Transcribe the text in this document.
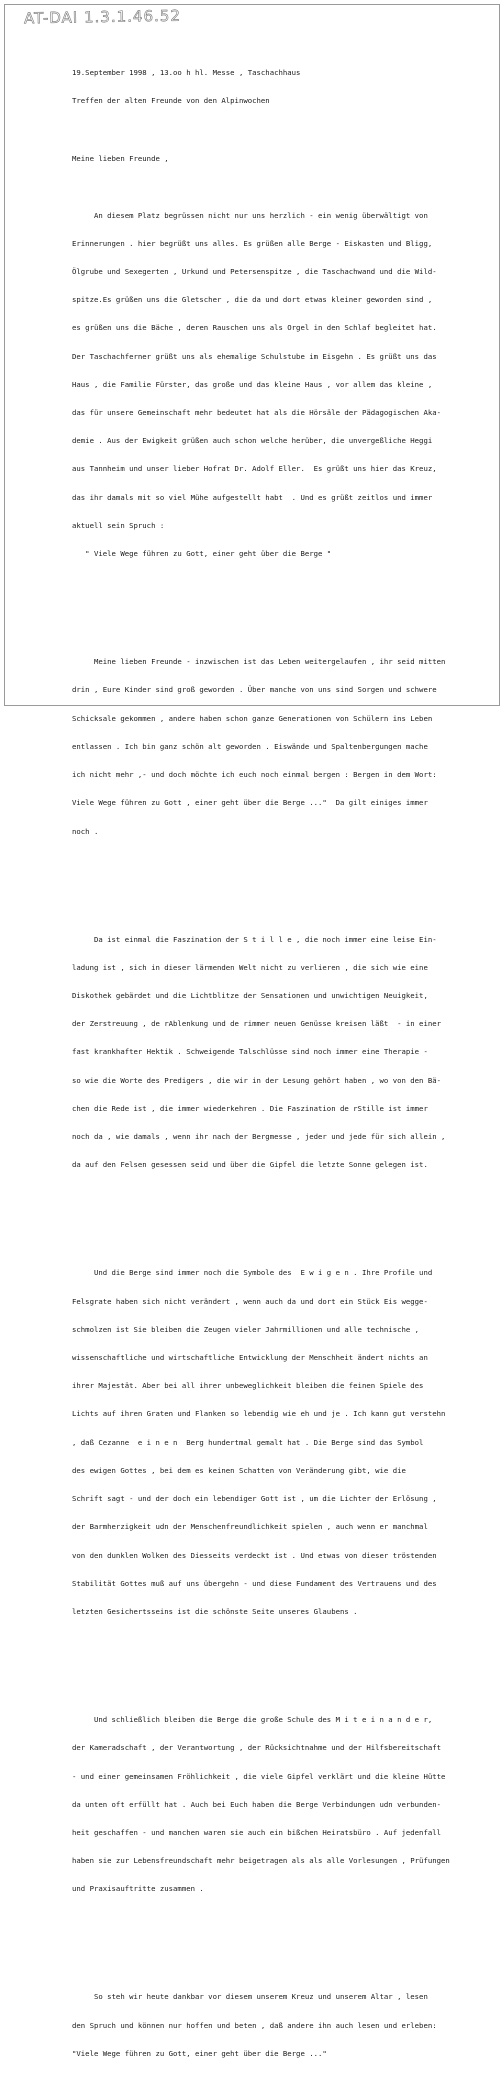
AT-DAI 1.3.1.46.52

19.September 1998 , 13.oo h hl. Messe , Taschachhaus

Treffen der alten Freunde von den Alpinwochen

Meine lieben Freunde ,

An diesem Platz begrüssen nicht nur uns herzlich - ein wenig überwältigt von

Erinnerungen . hier begrüßt uns alles. Es grüßen alle Berge - Eiskasten und Bligg,

Ölgrube und Sexegerten , Urkund und Petersenspitze , die Taschachwand und die Wild-

spitze.Es grüßen uns die Gletscher , die da und dort etwas kleiner geworden sind ,

es grüßen uns die Bäche , deren Rauschen uns als Orgel in den Schlaf begleitet hat.

Der Taschachferner grüßt uns als ehemalige Schulstube im Eisgehn . Es grüßt uns das

Haus , die Familie Fürster, das große und das kleine Haus , vor allem das kleine ,

das für unsere Gemeinschaft mehr bedeutet hat als die Hörsäle der Pädagogischen Aka-

demie . Aus der Ewigkeit grüßen auch schon welche herüber, die unvergeßliche Heggi

aus Tannheim und unser lieber Hofrat Dr. Adolf Eller.  Es grüßt uns hier das Kreuz,

das ihr damals mit so viel Mühe aufgestellt habt  . Und es grüßt zeitlos und immer

aktuell sein Spruch :

" Viele Wege führen zu Gott, einer geht über die Berge "

Meine lieben Freunde - inzwischen ist das Leben weitergelaufen , ihr seid mitten

drin , Eure Kinder sind groß geworden . Über manche von uns sind Sorgen und schwere

Schicksale gekommen , andere haben schon ganze Generationen von Schülern ins Leben

entlassen . Ich bin ganz schön alt geworden . Eiswände und Spaltenbergungen mache

ich nicht mehr ,- und doch möchte ich euch noch einmal bergen : Bergen in dem Wort:

Viele Wege führen zu Gott , einer geht über die Berge ..."  Da gilt einiges immer

noch .

Da ist einmal die Faszination der S t i l l e , die noch immer eine leise Ein-

ladung ist , sich in dieser lärmenden Welt nicht zu verlieren , die sich wie eine

Diskothek gebärdet und die Lichtblitze der Sensationen und unwichtigen Neuigkeit,

der Zerstreuung , de rAblenkung und de rimmer neuen Genüsse kreisen läßt  - in einer

fast krankhafter Hektik . Schweigende Talschlüsse sind noch immer eine Therapie -

so wie die Worte des Predigers , die wir in der Lesung gehört haben , wo von den Bä-

chen die Rede ist , die immer wiederkehren . Die Faszination de rStille ist immer

noch da , wie damals , wenn ihr nach der Bergmesse , jeder und jede für sich allein ,

da auf den Felsen gesessen seid und über die Gipfel die letzte Sonne gelegen ist.

Und die Berge sind immer noch die Symbole des  E w i g e n . Ihre Profile und

Felsgrate haben sich nicht verändert , wenn auch da und dort ein Stück Eis wegge-

schmolzen ist Sie bleiben die Zeugen vieler Jahrmillionen und alle technische ,

wissenschaftliche und wirtschaftliche Entwicklung der Menschheit ändert nichts an

ihrer Majestät. Aber bei all ihrer unbeweglichkeit bleiben die feinen Spiele des

Lichts auf ihren Graten und Flanken so lebendig wie eh und je . Ich kann gut verstehn

, daß Cezanne  e i n e n  Berg hundertmal gemalt hat . Die Berge sind das Symbol

des ewigen Gottes , bei dem es keinen Schatten von Veränderung gibt, wie die

Schrift sagt - und der doch ein lebendiger Gott ist , um die Lichter der Erlösung ,

der Barmherzigkeit udn der Menschenfreundlichkeit spielen , auch wenn er manchmal

von den dunklen Wolken des Diesseits verdeckt ist . Und etwas von dieser tröstenden

Stabilität Gottes muß auf uns übergehn - und diese Fundament des Vertrauens und des

letzten Gesichertsseins ist die schönste Seite unseres Glaubens .

Und schließlich bleiben die Berge die große Schule des M i t e i n a n d e r,

der Kameradschaft , der Verantwortung , der Rücksichtnahme und der Hilfsbereitschaft

- und einer gemeinsamen Fröhlichkeit , die viele Gipfel verklärt und die kleine Hütte

da unten oft erfüllt hat . Auch bei Euch haben die Berge Verbindungen udn verbunden-

heit geschaffen - und manchen waren sie auch ein bißchen Heiratsbüro . Auf jedenfall

haben sie zur Lebensfreundschaft mehr beigetragen als als alle Vorlesungen , Prüfungen

und Praxisauftritte zusammen .

So steh wir heute dankbar vor diesem unserem Kreuz und unserem Altar , lesen

den Spruch und können nur hoffen und beten , daß andere ihn auch lesen und erleben:

"Viele Wege führen zu Gott, einer geht über die Berge ..."
